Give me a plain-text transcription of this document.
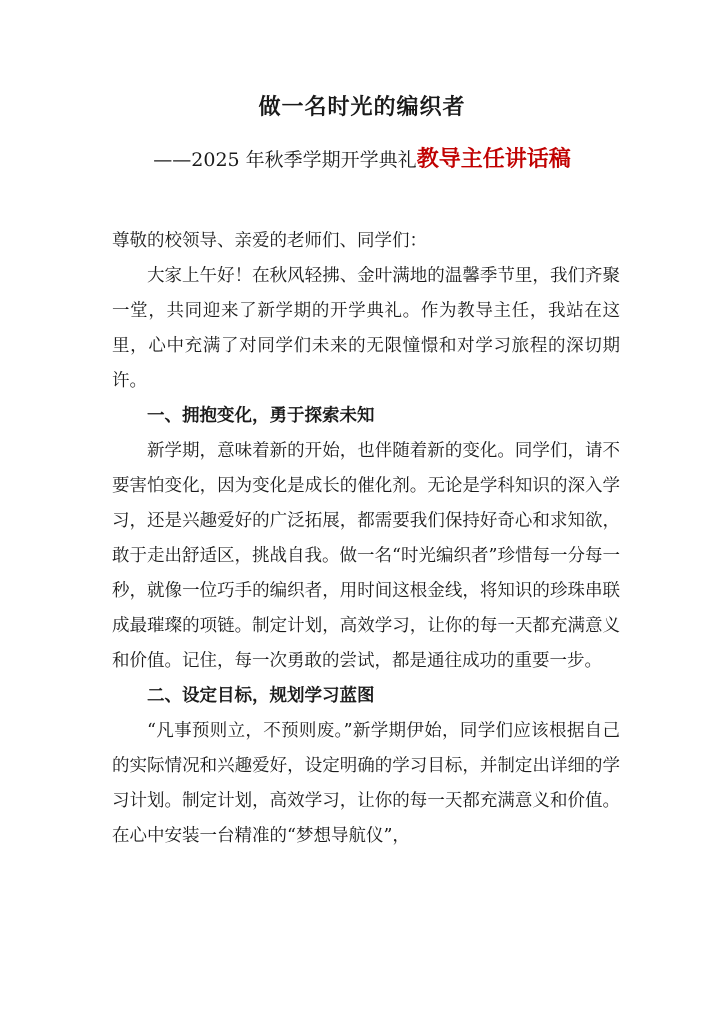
做一名时光的编织者
——2025 年秋季学期开学典礼教导主任讲话稿

尊敬的校领导、亲爱的老师们、同学们：

大家上午好！在秋风轻拂、金叶满地的温馨季节里，我们齐聚一堂，共同迎来了新学期的开学典礼。作为教导主任，我站在这里，心中充满了对同学们未来的无限憧憬和对学习旅程的深切期许。

一、拥抱变化，勇于探索未知

新学期，意味着新的开始，也伴随着新的变化。同学们，请不要害怕变化，因为变化是成长的催化剂。无论是学科知识的深入学习，还是兴趣爱好的广泛拓展，都需要我们保持好奇心和求知欲，敢于走出舒适区，挑战自我。做一名“时光编织者”珍惜每一分每一秒，就像一位巧手的编织者，用时间这根金线，将知识的珍珠串联成最璀璨的项链。制定计划，高效学习，让你的每一天都充满意义和价值。记住，每一次勇敢的尝试，都是通往成功的重要一步。

二、设定目标，规划学习蓝图

“凡事预则立，不预则废。”新学期伊始，同学们应该根据自己的实际情况和兴趣爱好，设定明确的学习目标，并制定出详细的学习计划。制定计划，高效学习，让你的每一天都充满意义和价值。在心中安装一台精准的“梦想导航仪”，
